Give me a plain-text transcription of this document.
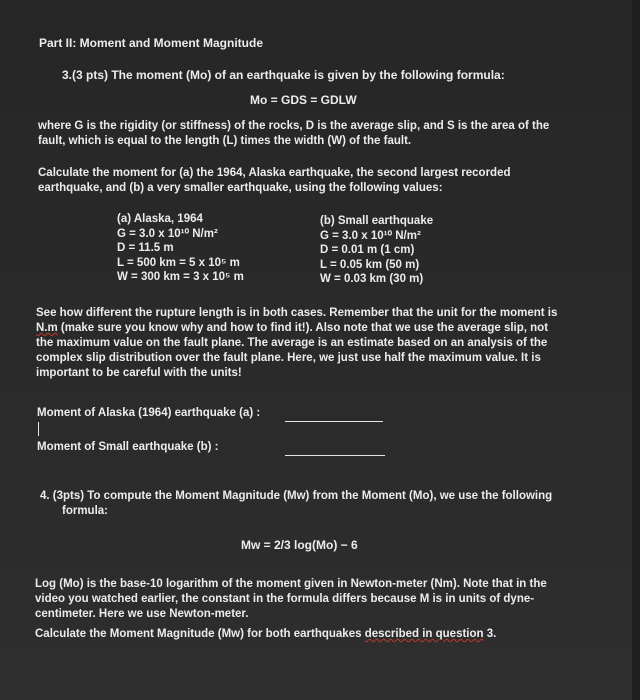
Part II: Moment and Moment Magnitude
3.(3 pts) The moment (Mo) of an earthquake is given by the following formula:
Mo = GDS = GDLW
where G is the rigidity (or stiffness) of the rocks, D is the average slip, and S is the area of the fault, which is equal to the length (L) times the width (W) of the fault.
Calculate the moment for (a) the 1964, Alaska earthquake, the second largest recorded earthquake, and (b) a very smaller earthquake, using the following values:
(a) Alaska, 1964
G = 3.0 x 10¹⁰ N/m²
D = 11.5 m
L = 500 km = 5 x 10⁵ m
W = 300 km = 3 x 10⁵ m
(b) Small earthquake
G = 3.0 x 10¹⁰ N/m²
D = 0.01 m (1 cm)
L = 0.05 km (50 m)
W = 0.03 km (30 m)
See how different the rupture length is in both cases. Remember that the unit for the moment is N.m (make sure you know why and how to find it!). Also note that we use the average slip, not the maximum value on the fault plane. The average is an estimate based on an analysis of the complex slip distribution over the fault plane. Here, we just use half the maximum value. It is important to be careful with the units!
Moment of Alaska (1964) earthquake (a) :
Moment of Small earthquake (b) :
4. (3pts) To compute the Moment Magnitude (Mw) from the Moment (Mo), we use the following formula:
Mw = 2/3 log(Mo) − 6
Log (Mo) is the base-10 logarithm of the moment given in Newton-meter (Nm). Note that in the video you watched earlier, the constant in the formula differs because M is in units of dyne-centimeter. Here we use Newton-meter.
Calculate the Moment Magnitude (Mw) for both earthquakes described in question 3.
